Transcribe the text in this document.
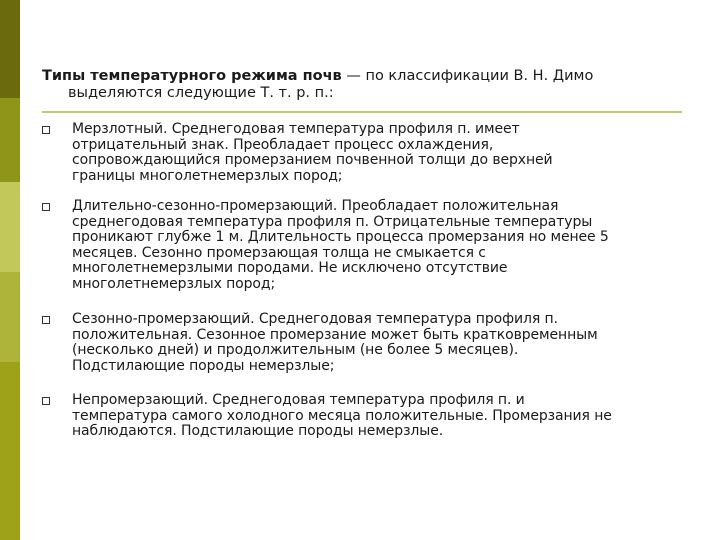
Типы температурного режима почв — по классификации В. Н. Димо
выделяются следующие Т. т. р. п.:
Мерзлотный. Среднегодовая температура профиля п. имеет
отрицательный знак. Преобладает процесс охлаждения,
сопровождающийся промерзанием почвенной толщи до верхней
границы многолетнемерзлых пород;
Длительно-сезонно-промерзающий. Преобладает положительная
среднегодовая температура профиля п. Отрицательные температуры
проникают глубже 1 м. Длительность процесса промерзания но менее 5
месяцев. Сезонно промерзающая толща не смыкается с
многолетнемерзлыми породами. Не исключено отсутствие
многолетнемерзлых пород;
Сезонно-промерзающий. Среднегодовая температура профиля п.
положительная. Сезонное промерзание может быть кратковременным
(несколько дней) и продолжительным (не более 5 месяцев).
Подстилающие породы немерзлые;
Непромерзающий. Среднегодовая температура профиля п. и
температура самого холодного месяца положительные. Промерзания не
наблюдаются. Подстилающие породы немерзлые.
